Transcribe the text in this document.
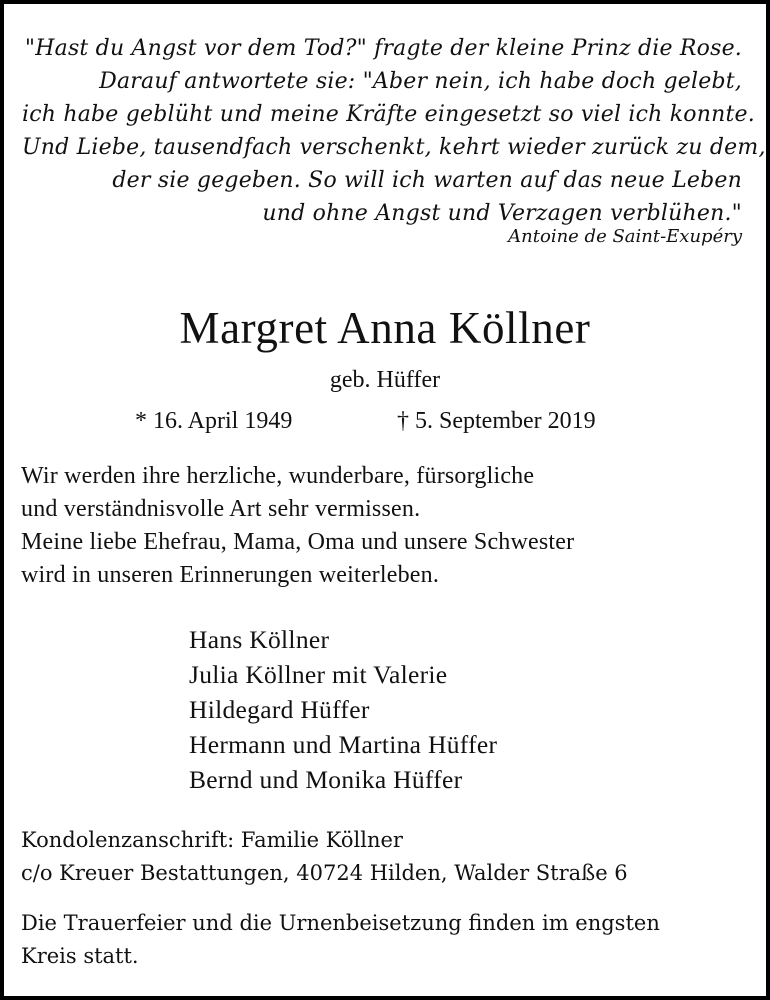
"Hast du Angst vor dem Tod?" fragte der kleine Prinz die Rose.
Darauf antwortete sie: "Aber nein, ich habe doch gelebt,
ich habe geblüht und meine Kräfte eingesetzt so viel ich konnte.
Und Liebe, tausendfach verschenkt, kehrt wieder zurück zu dem,
der sie gegeben. So will ich warten auf das neue Leben
und ohne Angst und Verzagen verblühen."
Antoine de Saint-Exupéry
Margret Anna Köllner
geb. Hüffer
* 16. April 1949	† 5. September 2019
Wir werden ihre herzliche, wunderbare, fürsorgliche
und verständnisvolle Art sehr vermissen.
Meine liebe Ehefrau, Mama, Oma und unsere Schwester
wird in unseren Erinnerungen weiterleben.
Hans Köllner
Julia Köllner mit Valerie
Hildegard Hüffer
Hermann und Martina Hüffer
Bernd und Monika Hüffer
Kondolenzanschrift: Familie Köllner
c/o Kreuer Bestattungen, 40724 Hilden, Walder Straße 6
Die Trauerfeier und die Urnenbeisetzung finden im engsten
Kreis statt.
